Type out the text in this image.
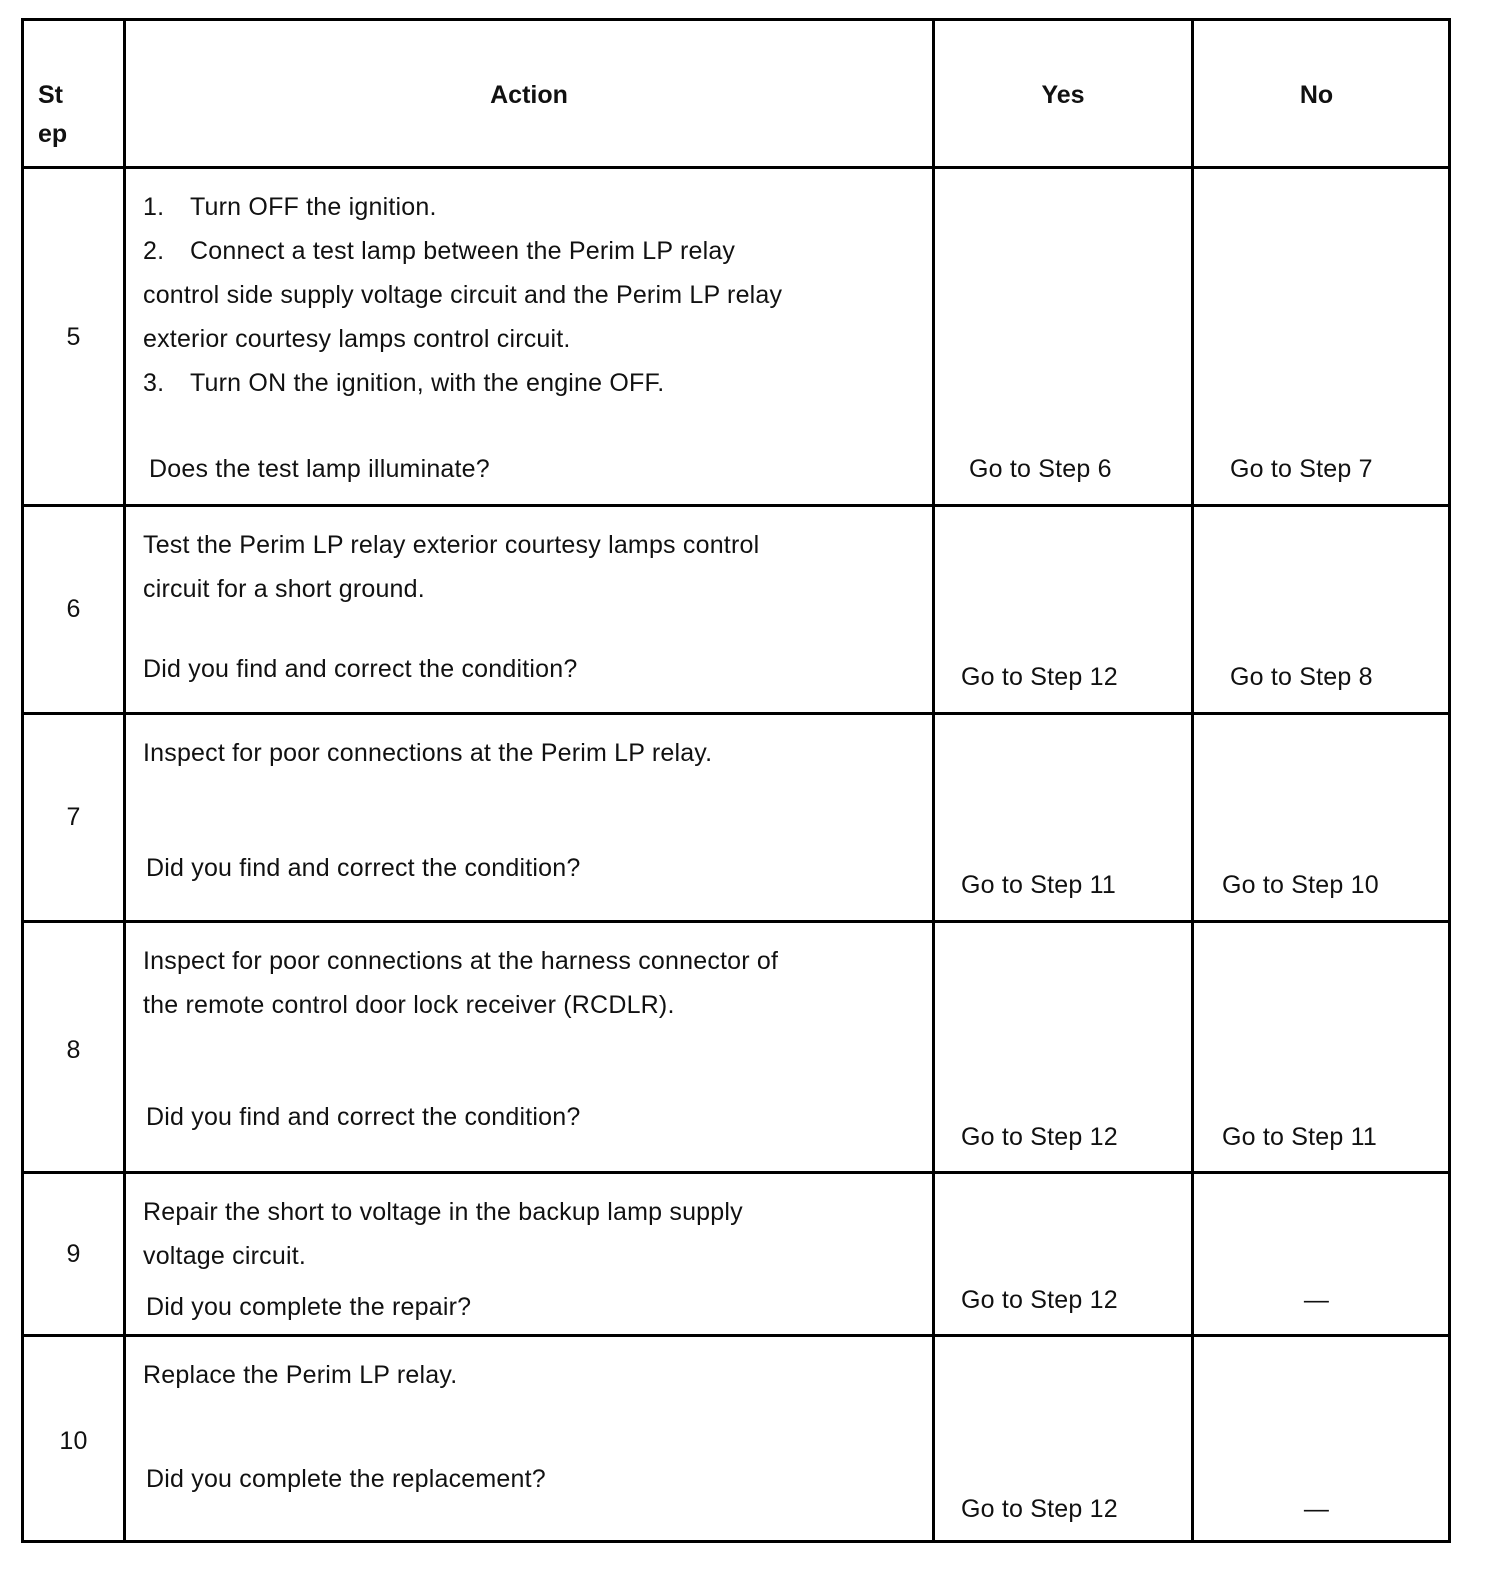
St
ep
Action	Yes	No
5
1. Turn OFF the ignition.
2. Connect a test lamp between the Perim LP relay
control side supply voltage circuit and the Perim LP relay
exterior courtesy lamps control circuit.
3. Turn ON the ignition, with the engine OFF.
Does the test lamp illuminate?	Go to Step 6	Go to Step 7
6
Test the Perim LP relay exterior courtesy lamps control
circuit for a short ground.
Did you find and correct the condition?	Go to Step 12	Go to Step 8
7
Inspect for poor connections at the Perim LP relay.
Did you find and correct the condition?
Go to Step 11	Go to Step 10
8
Inspect for poor connections at the harness connector of
the remote control door lock receiver (RCDLR).
Did you find and correct the condition?
Go to Step 12	Go to Step 11
9
Repair the short to voltage in the backup lamp supply
voltage circuit.
Did you complete the repair?	Go to Step 12	—
10
Replace the Perim LP relay.
Did you complete the replacement?
Go to Step 12	—
